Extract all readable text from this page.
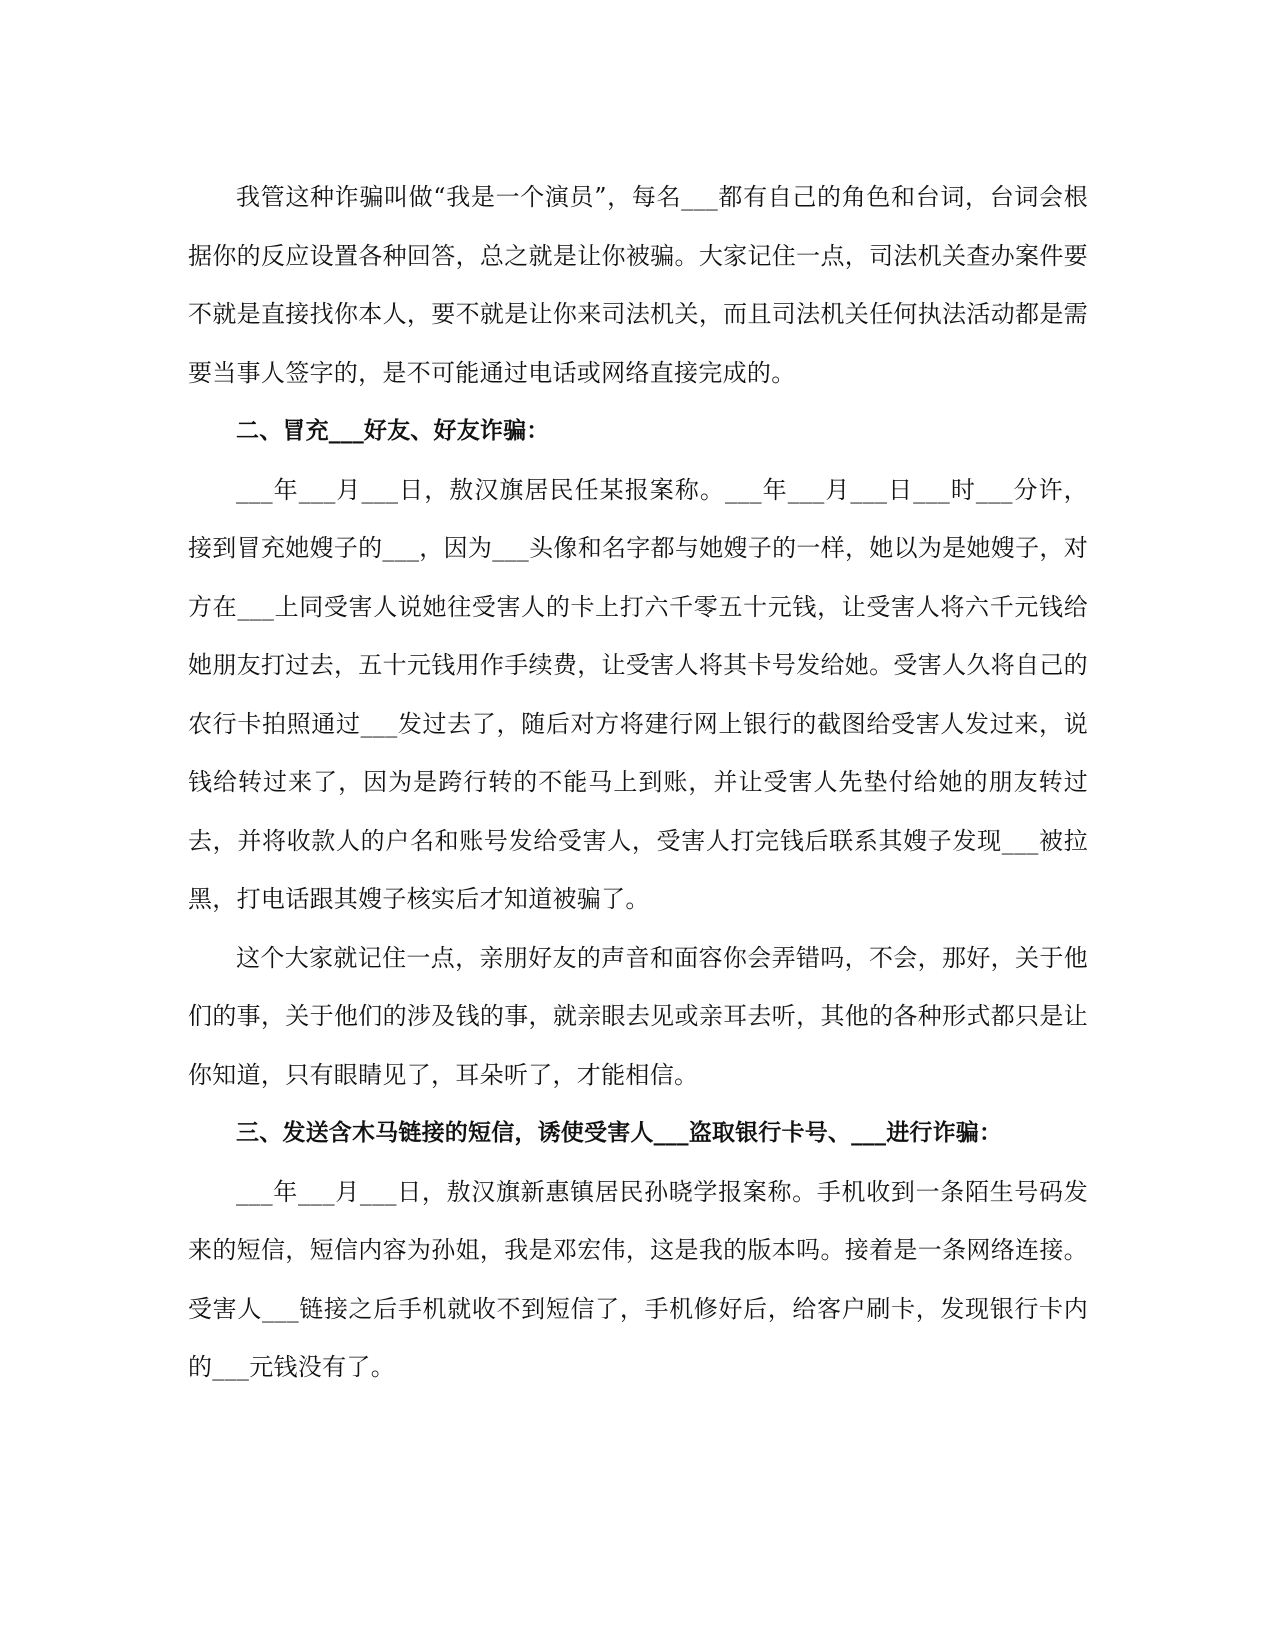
我管这种诈骗叫做“我是一个演员”，每名___都有自己的角色和台词，台词会根据你的反应设置各种回答，总之就是让你被骗。大家记住一点，司法机关查办案件要不就是直接找你本人，要不就是让你来司法机关，而且司法机关任何执法活动都是需要当事人签字的，是不可能通过电话或网络直接完成的。

二、冒充___好友、好友诈骗：

___年___月___日，敖汉旗居民任某报案称。___年___月___日___时___分许，接到冒充她嫂子的___，因为___头像和名字都与她嫂子的一样，她以为是她嫂子，对方在___上同受害人说她往受害人的卡上打六千零五十元钱，让受害人将六千元钱给她朋友打过去，五十元钱用作手续费，让受害人将其卡号发给她。受害人久将自己的农行卡拍照通过___发过去了，随后对方将建行网上银行的截图给受害人发过来，说钱给转过来了，因为是跨行转的不能马上到账，并让受害人先垫付给她的朋友转过去，并将收款人的户名和账号发给受害人，受害人打完钱后联系其嫂子发现___被拉黑，打电话跟其嫂子核实后才知道被骗了。

这个大家就记住一点，亲朋好友的声音和面容你会弄错吗，不会，那好，关于他们的事，关于他们的涉及钱的事，就亲眼去见或亲耳去听，其他的各种形式都只是让你知道，只有眼睛见了，耳朵听了，才能相信。

三、发送含木马链接的短信，诱使受害人___盗取银行卡号、___进行诈骗：

___年___月___日，敖汉旗新惠镇居民孙晓学报案称。手机收到一条陌生号码发来的短信，短信内容为孙姐，我是邓宏伟，这是我的版本吗。接着是一条网络连接。受害人___链接之后手机就收不到短信了，手机修好后，给客户刷卡，发现银行卡内的___元钱没有了。
